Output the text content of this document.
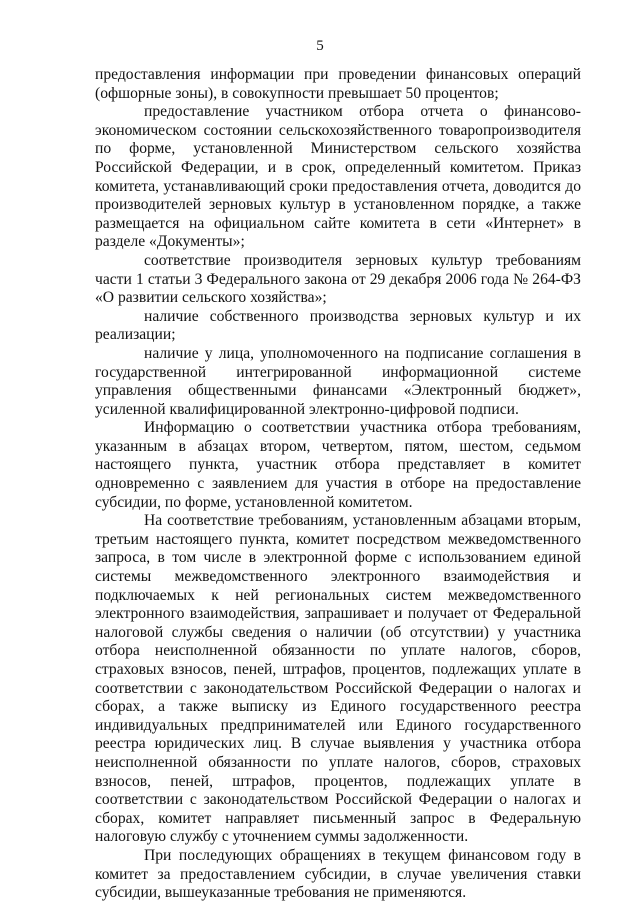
5

предоставления информации при проведении финансовых операций (офшорные зоны), в совокупности превышает 50 процентов;

предоставление участником отбора отчета о финансово-экономическом состоянии сельскохозяйственного товаропроизводителя по форме, установленной Министерством сельского хозяйства Российской Федерации, и в срок, определенный комитетом. Приказ комитета, устанавливающий сроки предоставления отчета, доводится до производителей зерновых культур в установленном порядке, а также размещается на официальном сайте комитета в сети «Интернет» в разделе «Документы»;

соответствие производителя зерновых культур требованиям части 1 статьи 3 Федерального закона от 29 декабря 2006 года № 264-ФЗ «О развитии сельского хозяйства»;

наличие собственного производства зерновых культур и их реализации;

наличие у лица, уполномоченного на подписание соглашения в государственной интегрированной информационной системе управления общественными финансами «Электронный бюджет», усиленной квалифицированной электронно-цифровой подписи.

Информацию о соответствии участника отбора требованиям, указанным в абзацах втором, четвертом, пятом, шестом, седьмом настоящего пункта, участник отбора представляет в комитет одновременно с заявлением для участия в отборе на предоставление субсидии, по форме, установленной комитетом.

На соответствие требованиям, установленным абзацами вторым, третьим настоящего пункта, комитет посредством межведомственного запроса, в том числе в электронной форме с использованием единой системы межведомственного электронного взаимодействия и подключаемых к ней региональных систем межведомственного электронного взаимодействия, запрашивает и получает от Федеральной налоговой службы сведения о наличии (об отсутствии) у участника отбора неисполненной обязанности по уплате налогов, сборов, страховых взносов, пеней, штрафов, процентов, подлежащих уплате в соответствии с законодательством Российской Федерации о налогах и сборах, а также выписку из Единого государственного реестра индивидуальных предпринимателей или Единого государственного реестра юридических лиц. В случае выявления у участника отбора неисполненной обязанности по уплате налогов, сборов, страховых взносов, пеней, штрафов, процентов, подлежащих уплате в соответствии с законодательством Российской Федерации о налогах и сборах, комитет направляет письменный запрос в Федеральную налоговую службу с уточнением суммы задолженности.

При последующих обращениях в текущем финансовом году в комитет за предоставлением субсидии, в случае увеличения ставки субсидии, вышеуказанные требования не применяются.
